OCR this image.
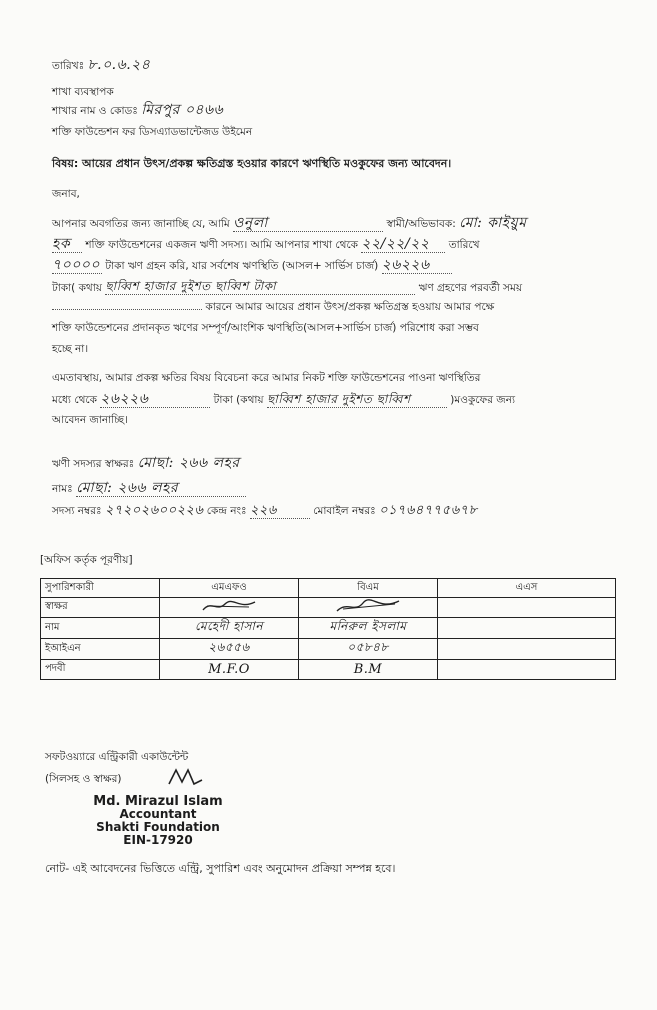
তারিখঃ ৮.০.৬.২৪
শাখা ব্যবস্থাপক
শাখার নাম ও কোডঃ মিরপুর ০৪৬৬
শক্তি ফাউন্ডেশন ফর ডিসএ্যাডভান্টেজড উইমেন
বিষয়: আয়ের প্রধান উৎস/প্রকল্প ক্ষতিগ্রস্ত হওয়ার কারণে ঋণস্থিতি মওকুফের জন্য আবেদন।
জনাব,
আপনার অবগতির জন্য জানাচ্ছি যে, আমি ওনুলা	স্বামী/অভিভাবক: মো: কাইয়ুম
হক শক্তি ফাউন্ডেশনের একজন ঋণী সদস্য। আমি আপনার শাখা থেকে ২২/২২/২২ তারিখে
৭০০০০ টাকা ঋণ গ্রহন করি, যার সর্বশেষ ঋণস্থিতি (আসল+ সার্ভিস চার্জ) ২৬২২৬
টাকা( কথায় ছাব্বিশ হাজার দুইশত ছাব্বিশ টাকা	ঋণ গ্রহণের পরবর্তী সময়
কারনে আমার আয়ের প্রধান উৎস/প্রকল্প ক্ষতিগ্রস্ত হওয়ায় আমার পক্ষে
শক্তি ফাউন্ডেশনের প্রদানকৃত ঋণের সম্পূর্ণ/আংশিক ঋণস্থিতি(আসল+সার্ভিস চার্জ) পরিশোধ করা সম্ভব
হচ্ছে না।
এমতাবস্থায়, আমার প্রকল্প ক্ষতির বিষয় বিবেচনা করে আমার নিকট শক্তি ফাউন্ডেশনের পাওনা ঋণস্থিতির
মধ্যে থেকে ২৬২২৬	টাকা (কথায় ছাব্বিশ হাজার দুইশত ছাব্বিশ	)মওকুফের জন্য
আবেদন জানাচ্ছি।
ঋণী সদস্যর স্বাক্ষরঃ মোছা: ২৬৬ লহর
নামঃ মোছা: ২৬৬ লহর
সদস্য নম্বরঃ ২৭২০২৬০০২২৬ কেন্দ্র নংঃ ২২৬	মোবাইল নম্বরঃ ০১৭৬৪৭৭৫৬৭৮
[অফিস কর্তৃক পূরণীয়]
সুপারিশকারী	এমএফও	বিএম	এএস
স্বাক্ষর			
নাম	মেহেদী হাসান	মনিরুল ইসলাম	
ইআইএন	২৬৫৫৬	০৫৮৪৮	
পদবী	M.F.O	B.M	
সফটওয়্যারে এন্ট্রিকারী একাউন্টেন্ট
(সিলসহ ও স্বাক্ষর)
Md. Mirazul Islam
Accountant
Shakti Foundation
EIN-17920
নোট- এই আবেদনের ভিত্তিতে এন্ট্রি, সুপারিশ এবং অনুমোদন প্রক্রিয়া সম্পন্ন হবে।
